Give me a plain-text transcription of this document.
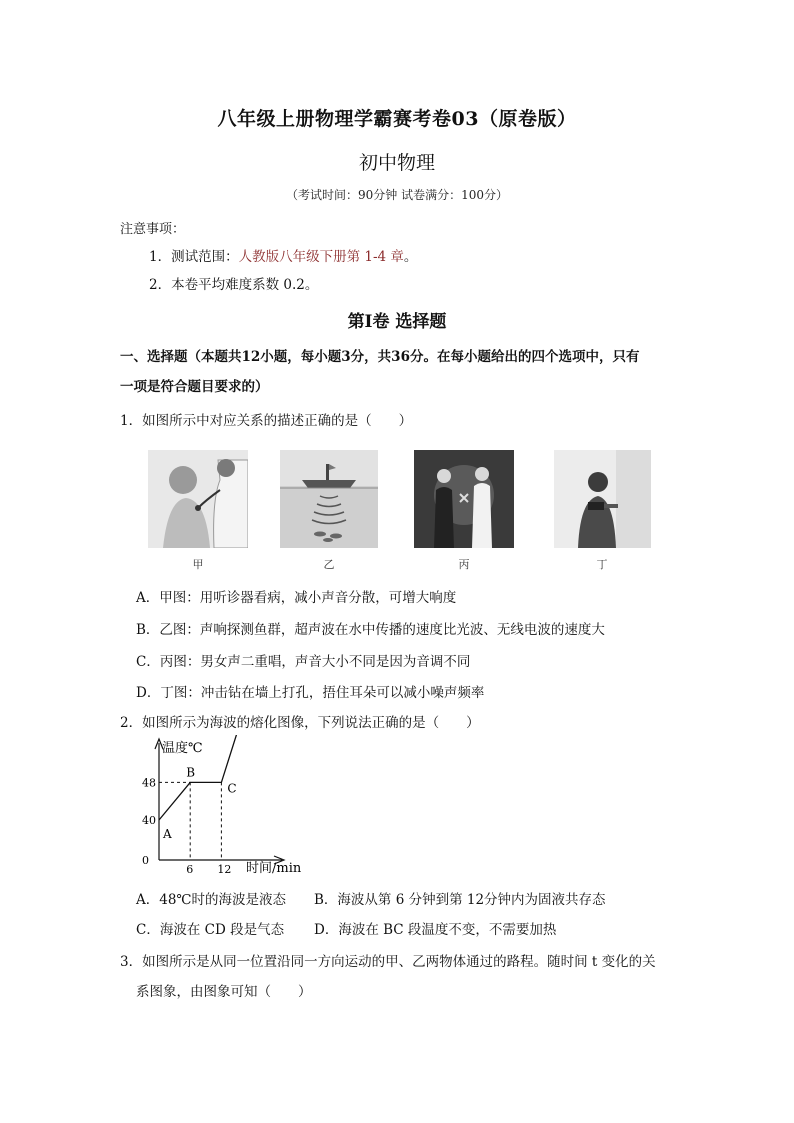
八年级上册物理学霸赛考卷03（原卷版）
初中物理
（考试时间：90分钟 试卷满分：100分）
注意事项：
1．测试范围：人教版八年级下册第 1-4 章。
2．本卷平均难度系数 0.2。
第Ⅰ卷 选择题
一、选择题（本题共12小题，每小题3分，共36分。在每小题给出的四个选项中，只有
一项是符合题目要求的）
1．如图所示中对应关系的描述正确的是（　　）
甲	乙	丙	丁
A．甲图：用听诊器看病，减小声音分散，可增大响度
B．乙图：声响探测鱼群，超声波在水中传播的速度比光波、无线电波的速度大
C．丙图：男女声二重唱，声音大小不同是因为音调不同
D．丁图：冲击钻在墙上打孔，捂住耳朵可以减小噪声频率
2．如图所示为海波的熔化图像，下列说法正确的是（　　）
温度℃
时间/min
0
40
48
6 12
A
B
C
A．48℃时的海波是液态 B．海波从第 6 分钟到第 12分钟内为固液共存态
C．海波在 CD 段是气态 D．海波在 BC 段温度不变，不需要加热
3．如图所示是从同一位置沿同一方向运动的甲、乙两物体通过的路程。随时间 t 变化的关
系图象，由图象可知（　　）
